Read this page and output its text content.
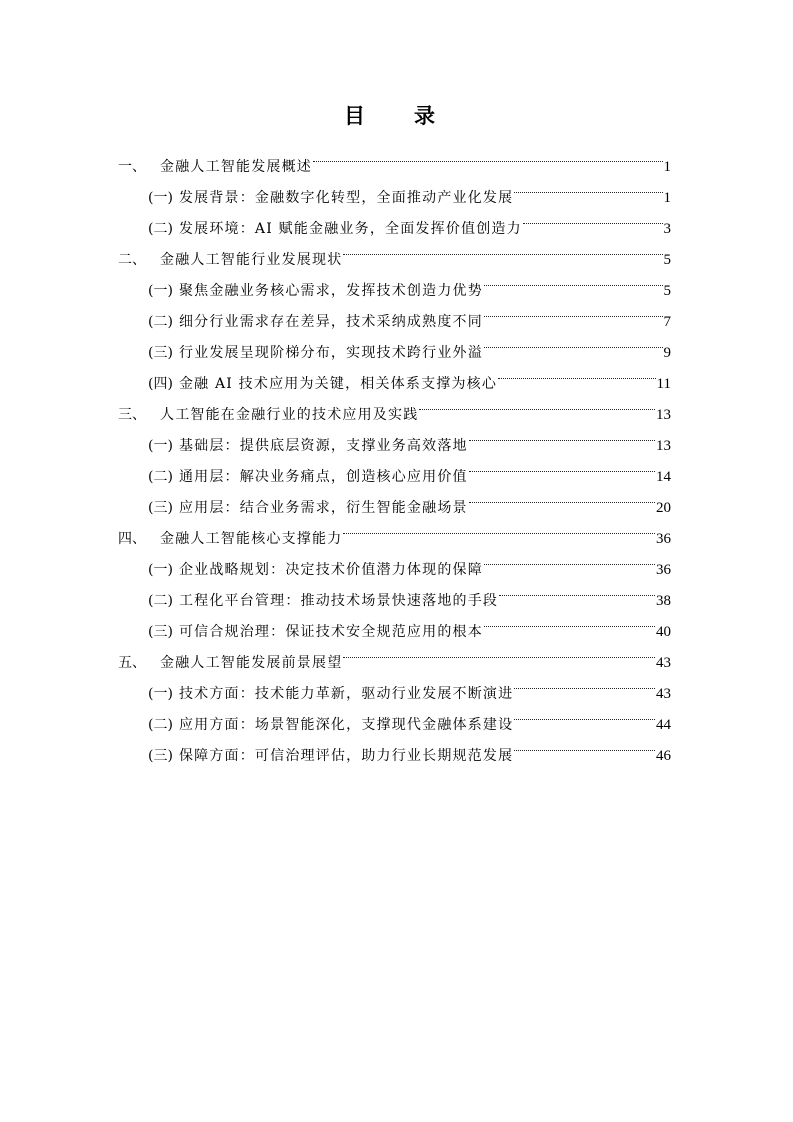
目　录
一、	金融人工智能发展概述	1
(一) 发展背景：金融数字化转型，全面推动产业化发展	1
(二) 发展环境：AI 赋能金融业务，全面发挥价值创造力	3
二、	金融人工智能行业发展现状	5
(一) 聚焦金融业务核心需求，发挥技术创造力优势	5
(二) 细分行业需求存在差异，技术采纳成熟度不同	7
(三) 行业发展呈现阶梯分布，实现技术跨行业外溢	9
(四) 金融 AI 技术应用为关键，相关体系支撑为核心	11
三、	人工智能在金融行业的技术应用及实践	13
(一) 基础层：提供底层资源，支撑业务高效落地	13
(二) 通用层：解决业务痛点，创造核心应用价值	14
(三) 应用层：结合业务需求，衍生智能金融场景	20
四、	金融人工智能核心支撑能力	36
(一) 企业战略规划：决定技术价值潜力体现的保障	36
(二) 工程化平台管理：推动技术场景快速落地的手段	38
(三) 可信合规治理：保证技术安全规范应用的根本	40
五、	金融人工智能发展前景展望	43
(一) 技术方面：技术能力革新，驱动行业发展不断演进	43
(二) 应用方面：场景智能深化，支撑现代金融体系建设	44
(三) 保障方面：可信治理评估，助力行业长期规范发展	46
